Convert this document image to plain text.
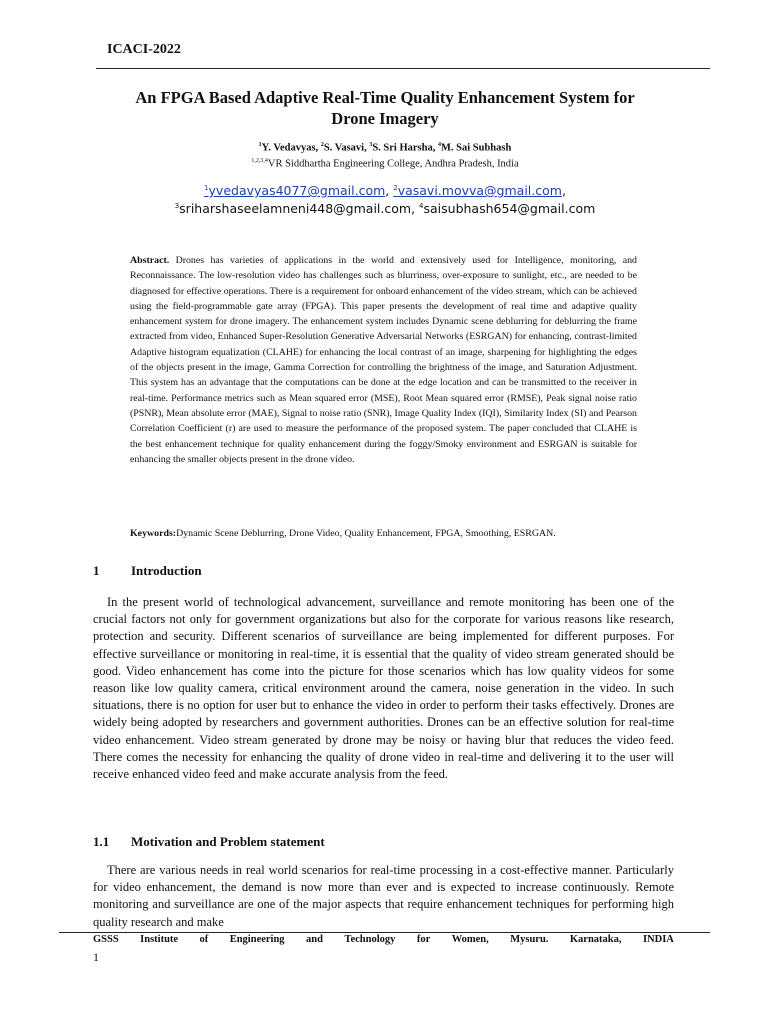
ICACI-2022
An FPGA Based Adaptive Real-Time Quality Enhancement System for
Drone Imagery
$^1$Y. Vedavyas, $^2$S. Vasavi, $^3$S. Sri Harsha, $^4$M. Sai Subhash
$^{1,2,3,4}$VR Siddhartha Engineering College, Andhra Pradesh, India
$^1$yvedavyas4077@gmail.com, $^2$vasavi.movva@gmail.com,
$^3$sriharshaseelamneni448@gmail.com, $^4$saisubhash654@gmail.com
Abstract. Drones has varieties of applications in the world and extensively used for Intelligence, monitoring, and Reconnaissance. The low-resolution video has challenges such as blurriness, over-exposure to sunlight, etc., are needed to be diagnosed for effective operations. There is a requirement for onboard enhancement of the video stream, which can be achieved using the field-programmable gate array (FPGA). This paper presents the development of real time and adaptive quality enhancement system for drone imagery. The enhancement system includes Dynamic scene deblurring for deblurring the frame extracted from video, Enhanced Super-Resolution Generative Adversarial Networks (ESRGAN) for enhancing, contrast-limited Adaptive histogram equalization (CLAHE) for enhancing the local contrast of an image, sharpening for highlighting the edges of the objects present in the image, Gamma Correction for controlling the brightness of the image, and Saturation Adjustment. This system has an advantage that the computations can be done at the edge location and can be transmitted to the receiver in real-time. Performance metrics such as Mean squared error (MSE), Root Mean squared error (RMSE), Peak signal noise ratio (PSNR), Mean absolute error (MAE), Signal to noise ratio (SNR), Image Quality Index (IQI), Similarity Index (SI) and Pearson Correlation Coefficient (r) are used to measure the performance of the proposed system. The paper concluded that CLAHE is the best enhancement technique for quality enhancement during the foggy/Smoky environment and ESRGAN is suitable for enhancing the smaller objects present in the drone video.
Keywords:Dynamic Scene Deblurring, Drone Video, Quality Enhancement, FPGA, Smoothing, ESRGAN.
1 Introduction
In the present world of technological advancement, surveillance and remote monitoring has been one of the crucial factors not only for government organizations but also for the corporate for various reasons like research, protection and security. Different scenarios of surveillance are being implemented for different purposes. For effective surveillance or monitoring in real-time, it is essential that the quality of video stream generated should be good. Video enhancement has come into the picture for those scenarios which has low quality videos for some reason like low quality camera, critical environment around the camera, noise generation in the video. In such situations, there is no option for user but to enhance the video in order to perform their tasks effectively. Drones are widely being adopted by researchers and government authorities. Drones can be an effective solution for real-time video enhancement. Video stream generated by drone may be noisy or having blur that reduces the video feed. There comes the necessity for enhancing the quality of drone video in real-time and delivering it to the user will receive enhanced video feed and make accurate analysis from the feed.
1.1 Motivation and Problem statement
There are various needs in real world scenarios for real-time processing in a cost-effective manner. Particularly for video enhancement, the demand is now more than ever and is expected to increase continuously. Remote monitoring and surveillance are one of the major aspects that require enhancement techniques for performing high quality research and make
GSSS Institute of Engineering and Technology for Women, Mysuru. Karnataka, INDIA
1
